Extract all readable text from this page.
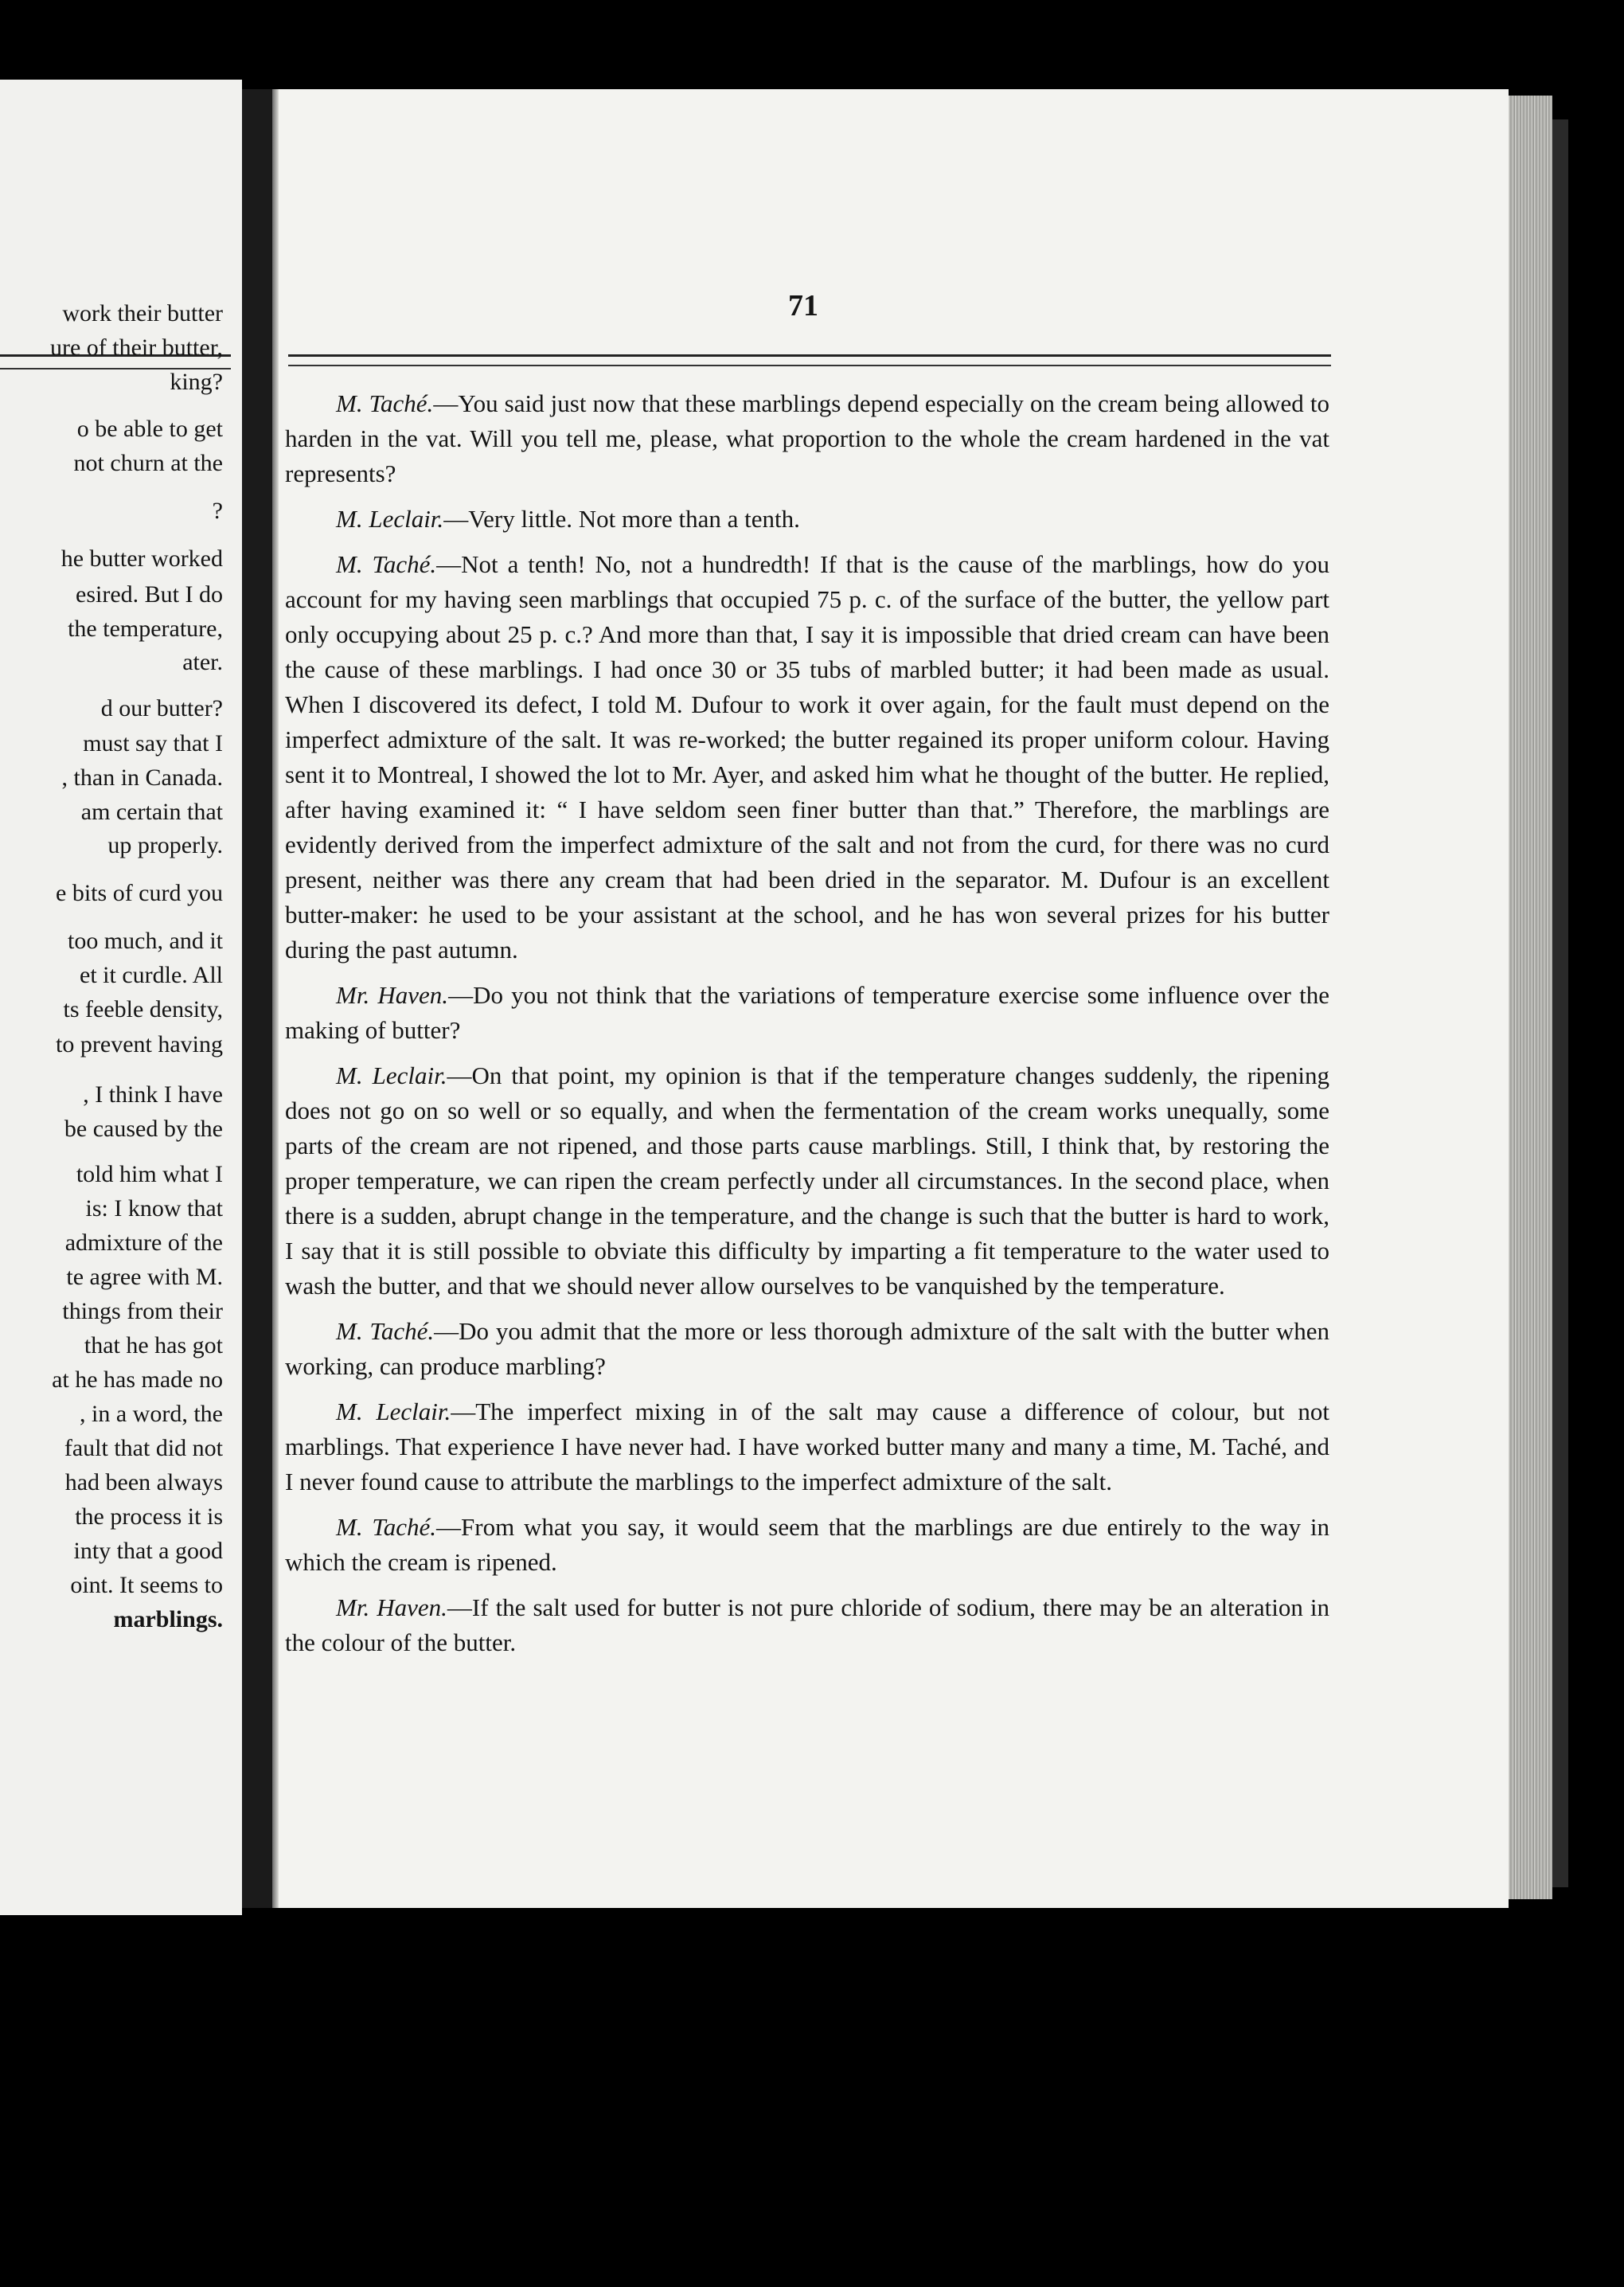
work their butter
ure of their butter,
king?
o be able to get
not churn at the
?
he butter worked
esired. But I do
the temperature,
ater.
d our butter?
must say that I
, than in Canada.
am certain that
up properly.
e bits of curd you
too much, and it
et it curdle. All
ts feeble density,
to prevent having
, I think I have
be caused by the
told him what I
is: I know that
admixture of the
te agree with M.
things from their
that he has got
at he has made no
, in a word, the
fault that did not
had been always
the process it is
inty that a good
oint. It seems to
marblings.
71

M. Taché.—You said just now that these marblings depend especially on the cream being allowed to harden in the vat. Will you tell me, please, what proportion to the whole the cream hardened in the vat represents?

M. Leclair.—Very little. Not more than a tenth.

M. Taché.—Not a tenth! No, not a hundredth! If that is the cause of the marblings, how do you account for my having seen marblings that occupied 75 p. c. of the surface of the butter, the yellow part only occupying about 25 p. c.? And more than that, I say it is impossible that dried cream can have been the cause of these marblings. I had once 30 or 35 tubs of marbled butter; it had been made as usual. When I discovered its defect, I told M. Dufour to work it over again, for the fault must depend on the imperfect admixture of the salt. It was re-worked; the butter regained its proper uniform colour. Having sent it to Montreal, I showed the lot to Mr. Ayer, and asked him what he thought of the butter. He replied, after having examined it: “ I have seldom seen finer butter than that.” Therefore, the marblings are evidently derived from the imperfect admixture of the salt and not from the curd, for there was no curd present, neither was there any cream that had been dried in the separator. M. Dufour is an excellent butter-maker: he used to be your assistant at the school, and he has won several prizes for his butter during the past autumn.

Mr. Haven.—Do you not think that the variations of temperature exercise some influence over the making of butter?

M. Leclair.—On that point, my opinion is that if the temperature changes suddenly, the ripening does not go on so well or so equally, and when the fermentation of the cream works unequally, some parts of the cream are not ripened, and those parts cause marblings. Still, I think that, by restoring the proper temperature, we can ripen the cream perfectly under all circumstances. In the second place, when there is a sudden, abrupt change in the temperature, and the change is such that the butter is hard to work, I say that it is still possible to obviate this difficulty by imparting a fit temperature to the water used to wash the butter, and that we should never allow ourselves to be vanquished by the temperature.

M. Taché.—Do you admit that the more or less thorough admixture of the salt with the butter when working, can produce marbling?

M. Leclair.—The imperfect mixing in of the salt may cause a difference of colour, but not marblings. That experience I have never had. I have worked butter many and many a time, M. Taché, and I never found cause to attribute the marblings to the imperfect admixture of the salt.

M. Taché.—From what you say, it would seem that the marblings are due entirely to the way in which the cream is ripened.

Mr. Haven.—If the salt used for butter is not pure chloride of sodium, there may be an alteration in the colour of the butter.
